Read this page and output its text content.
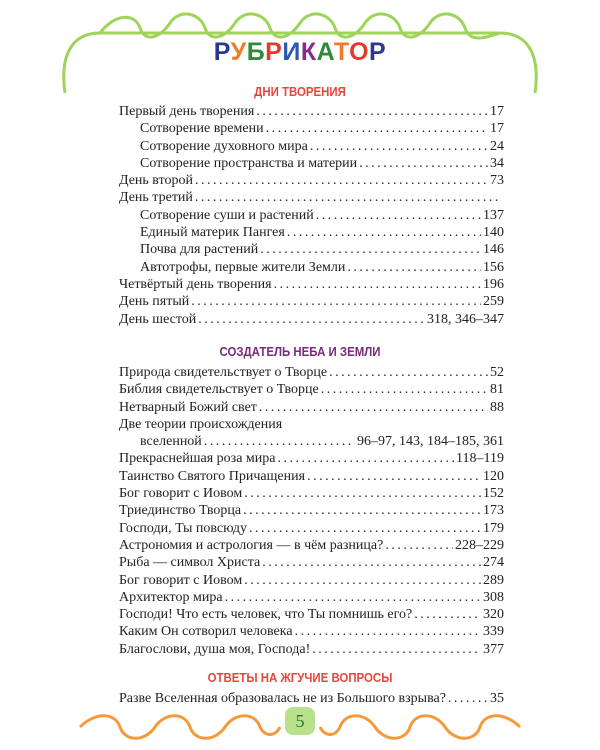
РУБРИКАТОР
ДНИ ТВОРЕНИЯ
Первый день творения . . .	17
Сотворение времени . . .	17
Сотворение духовного мира . . .	24
Сотворение пространства и материи . . .	34
День второй . . .	73
День третий
. . .
Сотворение суши и растений . . .	137
Единый материк Пангея . . .	140
Почва для растений . . .	146
Автотрофы, первые жители Земли . . .	156
Четвёртый день творения . . .	196
День пятый . . .	259
День шестой . . .	318, 346–347
СОЗДАТЕЛЬ НЕБА И ЗЕМЛИ
Природа свидетельствует о Творце . . .	52
Библия свидетельствует о Творце . . .	81
Нетварный Божий свет . . .	88
Две теории происхождения
вселенной . . .	96–97, 143, 184–185, 361
Прекраснейшая роза мира . . .	118–119
Таинство Святого Причащения . . .	120
Бог говорит с Иовом . . .	152
Триединство Творца . . .	173
Господи, Ты повсюду . . .	179
Астрономия и астрология — в чём разница? . . .	228–229
Рыба — символ Христа . . .	274
Бог говорит с Иовом . . .	289
Архитектор мира . . .	308
Господи! Что есть человек, что Ты помнишь его? . . .	320
Каким Он сотворил человека . . .	339
Благослови, душа моя, Господа! . . .	377
ОТВЕТЫ НА ЖГУЧИЕ ВОПРОСЫ
Разве Вселенная образовалась не из Большого взрыва? . . .	35
5
